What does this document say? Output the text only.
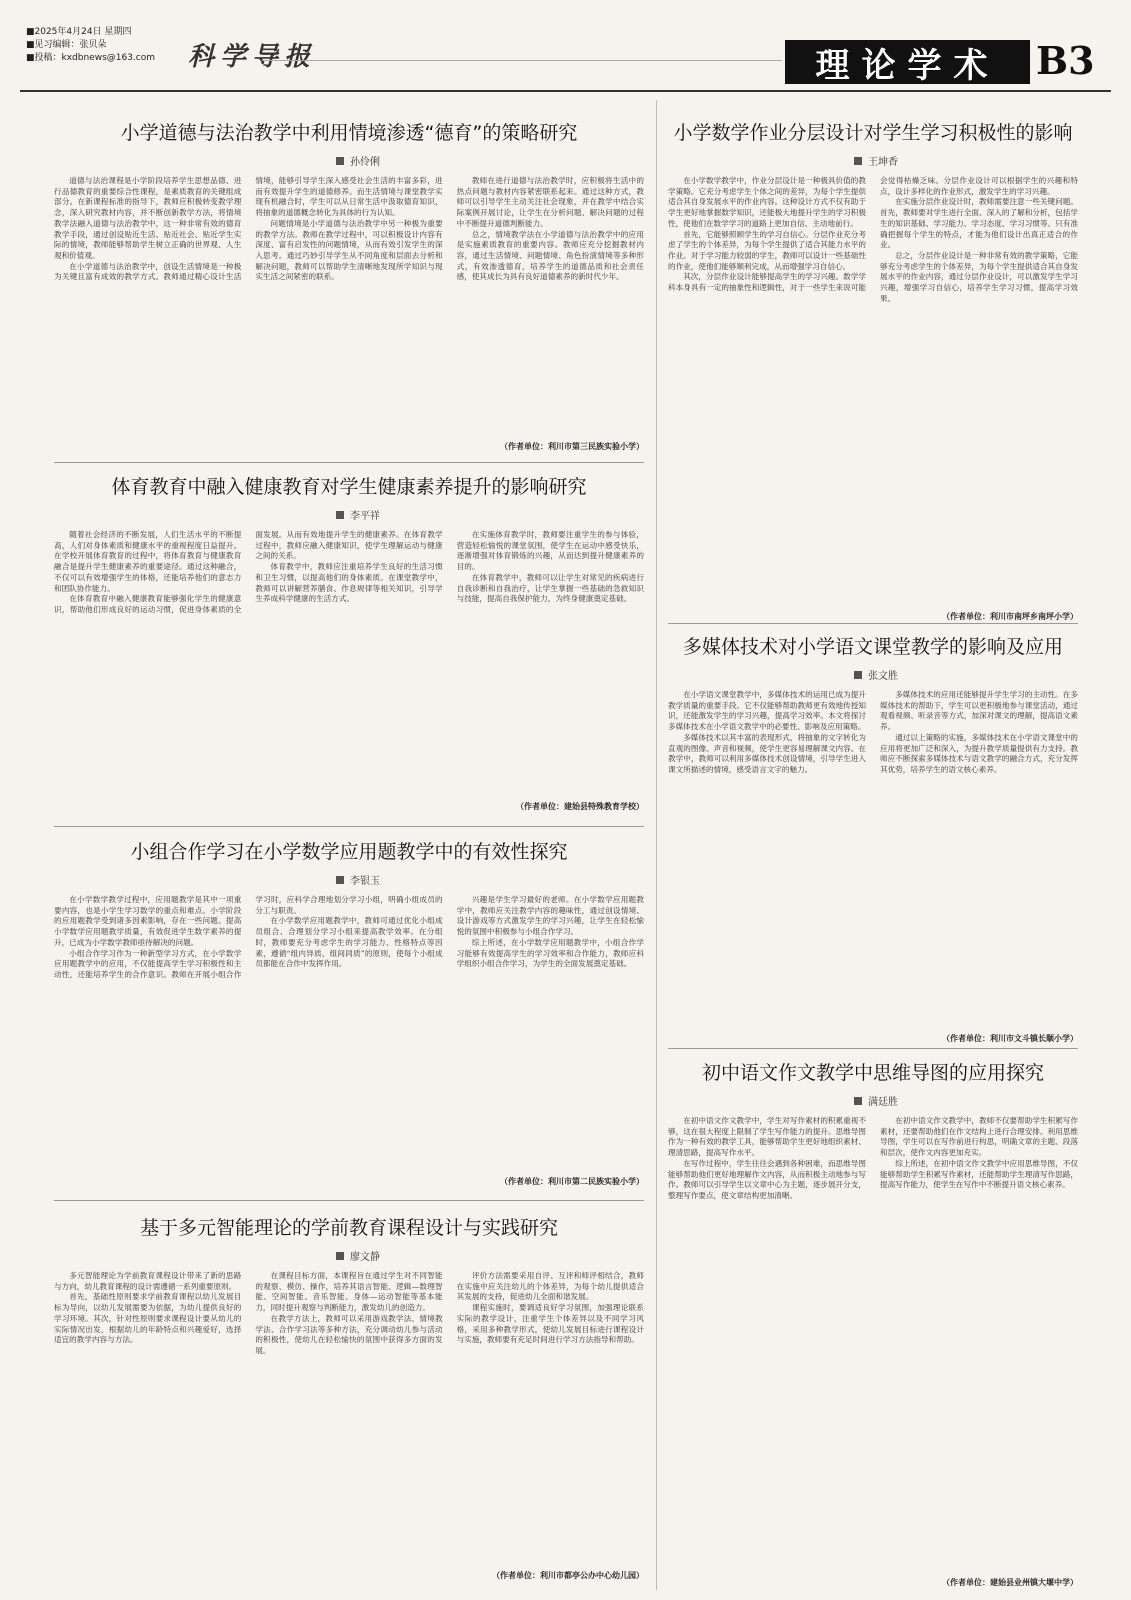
■2025年4月24日 星期四
■见习编辑：张贝朵
■投稿：kxdbnews@163.com 科学导报	理论学术 B3
小学道德与法治教学中利用情境渗透“德育”的策略研究
孙伶俐

道德与法治课程是小学阶段培养学生思想品德、进行品德教育的重要综合性课程，是素质教育的关键组成部分。在新课程标准的指导下，教师应积极转变教学理念，深入研究教材内容，并不断创新教学方法，将情境教学法融入道德与法治教学中，这一种非常有效的德育教学手段，通过创设贴近生活、贴近社会、贴近学生实际的情境，教师能够帮助学生树立正确的世界观、人生观和价值观。

在小学道德与法治教学中，创设生活情境是一种极为关键且富有成效的教学方式。教师通过精心设计生活情境，能够引导学生深入感受社会生活的丰富多彩，进而有效提升学生的道德修养。而生活情境与课堂教学实现有机融合时，学生可以从日常生活中汲取德育知识，将抽象的道德概念转化为具体的行为认知。

问题情境是小学道德与法治教学中另一种极为重要的教学方法。教师在教学过程中，可以积极设计内容有深度、富有启发性的问题情境，从而有效引发学生的深入思考。通过巧妙引导学生从不同角度和层面去分析和解决问题，教师可以帮助学生清晰地发现所学知识与现实生活之间紧密的联系。

教师在进行道德与法治教学时，应积极将生活中的热点问题与教材内容紧密联系起来。通过这种方式，教师可以引导学生主动关注社会现象，并在教学中结合实际案例开展讨论，让学生在分析问题、解决问题的过程中不断提升道德判断能力。

总之，情境教学法在小学道德与法治教学中的应用是实施素质教育的重要内容。教师应充分挖掘教材内容，通过生活情境、问题情境、角色扮演情境等多种形式，有效渗透德育，培养学生的道德品质和社会责任感，使其成长为具有良好道德素养的新时代少年。

（作者单位：利川市第三民族实验小学）
体育教育中融入健康教育对学生健康素养提升的影响研究
李平祥

随着社会经济的不断发展，人们生活水平的不断提高，人们对身体素质和健康水平的重视程度日益提升。在学校开展体育教育的过程中，将体育教育与健康教育融合是提升学生健康素养的重要途径。通过这种融合，不仅可以有效增强学生的体格，还能培养他们的意志力和团队协作能力。

在体育教育中融入健康教育能够强化学生的健康意识，帮助他们形成良好的运动习惯，促进身体素质的全面发展。从而有效地提升学生的健康素养。在体育教学过程中，教师应融入健康知识，使学生理解运动与健康之间的关系。

体育教学中，教师应注重培养学生良好的生活习惯和卫生习惯，以提高他们的身体素质。在课堂教学中，教师可以讲解营养膳食、作息规律等相关知识，引导学生养成科学健康的生活方式。

在实施体育教学时，教师要注重学生的参与体验，营造轻松愉悦的课堂氛围，使学生在运动中感受快乐，逐渐增强对体育锻炼的兴趣，从而达到提升健康素养的目的。

在体育教学中，教师可以让学生对常见的疾病进行自我诊断和自我治疗，让学生掌握一些基础的急救知识与技能，提高自我保护能力，为终身健康奠定基础。

（作者单位：建始县特殊教育学校）
小组合作学习在小学数学应用题教学中的有效性探究
李银玉

在小学数学教学过程中，应用题教学是其中一项重要内容，也是小学生学习数学的重点和难点。小学阶段的应用题教学受到诸多因素影响，存在一些问题。提高小学数学应用题教学质量，有效促进学生数学素养的提升，已成为小学数学教师亟待解决的问题。

小组合作学习作为一种新型学习方式，在小学数学应用题教学中的应用，不仅能提高学生学习积极性和主动性，还能培养学生的合作意识。教师在开展小组合作学习时，应科学合理地划分学习小组，明确小组成员的分工与职责。

在小学数学应用题教学中，教师可通过优化小组成员组合、合理划分学习小组来提高教学效率。在分组时，教师要充分考虑学生的学习能力、性格特点等因素，遵循“组内异质、组间同质”的原则，使每个小组成员都能在合作中发挥作用。

兴趣是学生学习最好的老师。在小学数学应用题教学中，教师应关注教学内容的趣味性，通过创设情境、设计游戏等方式激发学生的学习兴趣，让学生在轻松愉悦的氛围中积极参与小组合作学习。

综上所述，在小学数学应用题教学中，小组合作学习能够有效提高学生的学习效率和合作能力，教师应科学组织小组合作学习，为学生的全面发展奠定基础。

（作者单位：利川市第二民族实验小学）
基于多元智能理论的学前教育课程设计与实践研究
廖文静

多元智能理论为学前教育课程设计带来了新的思路与方向，幼儿教育课程的设计需遵循一系列重要原则。

首先，基础性原则要求学前教育课程以幼儿发展目标为导向，以幼儿发展需要为依据，为幼儿提供良好的学习环境。其次，针对性原则要求课程设计要从幼儿的实际情况出发，根据幼儿的年龄特点和兴趣爱好，选择适宜的教学内容与方法。

在课程目标方面，本课程旨在通过学生对不同智能的观察、模仿、操作，培养其语言智能、逻辑—数理智能、空间智能、音乐智能、身体—运动智能等基本能力，同时提升观察与判断能力，激发幼儿的创造力。

在教学方法上，教师可以采用游戏教学法、情境教学法、合作学习法等多种方法，充分调动幼儿参与活动的积极性，使幼儿在轻松愉快的氛围中获得多方面的发展。

评价方法需要采用自评、互评和师评相结合，教师在实施中应关注幼儿的个体差异，为每个幼儿提供适合其发展的支持，促进幼儿全面和谐发展。

课程实施时，要调适良好学习氛围，加强理论联系实际的教学设计，注重学生个体差异以及不同学习风格，采用多种教学形式，使幼儿发展目标进行课程设计与实施，教师要有充足时间进行学习方法指导和帮助。

（作者单位：利川市都亭公办中心幼儿园）
小学数学作业分层设计对学生学习积极性的影响
王坤香

在小学数学教学中，作业分层设计是一种极具价值的教学策略。它充分考虑学生个体之间的差异，为每个学生提供适合其自身发展水平的作业内容。这种设计方式不仅有助于学生更好地掌握数学知识，还能极大地提升学生的学习积极性，使他们在数学学习的道路上更加自信、主动地前行。

首先，它能够照顾学生的学习自信心。分层作业充分考虑了学生的个体差异，为每个学生提供了适合其能力水平的作业。对于学习能力较弱的学生，教师可以设计一些基础性的作业，使他们能够顺利完成，从而增强学习自信心。

其次，分层作业设计能够提高学生的学习兴趣。数学学科本身具有一定的抽象性和逻辑性，对于一些学生来说可能会觉得枯燥乏味。分层作业设计可以根据学生的兴趣和特点，设计多样化的作业形式，激发学生的学习兴趣。

在实施分层作业设计时，教师需要注意一些关键问题。首先，教师要对学生进行全面、深入的了解和分析，包括学生的知识基础、学习能力、学习态度、学习习惯等。只有准确把握每个学生的特点，才能为他们设计出真正适合的作业。

总之，分层作业设计是一种非常有效的教学策略，它能够充分考虑学生的个体差异，为每个学生提供适合其自身发展水平的作业内容，通过分层作业设计，可以激发学生学习兴趣，增强学习自信心，培养学生学习习惯，提高学习效果。

（作者单位：利川市南坪乡南坪小学）
多媒体技术对小学语文课堂教学的影响及应用
张文胜

在小学语文课堂教学中，多媒体技术的运用已成为提升教学质量的重要手段。它不仅能够帮助教师更有效地传授知识，还能激发学生的学习兴趣，提高学习效率。本文将探讨多媒体技术在小学语文教学中的必要性、影响及应用策略。

多媒体技术以其丰富的表现形式，将抽象的文字转化为直观的图像、声音和视频，使学生更容易理解课文内容。在教学中，教师可以利用多媒体技术创设情境，引导学生进入课文所描述的情境，感受语言文字的魅力。

多媒体技术的应用还能够提升学生学习的主动性。在多媒体技术的帮助下，学生可以更积极地参与课堂活动，通过观看视频、听录音等方式，加深对课文的理解，提高语文素养。

通过以上策略的实施，多媒体技术在小学语文课堂中的应用将更加广泛和深入，为提升教学质量提供有力支持。教师应不断探索多媒体技术与语文教学的融合方式，充分发挥其优势，培养学生的语文核心素养。

（作者单位：利川市文斗镇长顺小学）
初中语文作文教学中思维导图的应用探究
满廷胜

在初中语文作文教学中，学生对写作素材的积累重视不够，这在很大程度上限制了学生写作能力的提升。思维导图作为一种有效的教学工具，能够帮助学生更好地组织素材、理清思路，提高写作水平。

在写作过程中，学生往往会遇到各种困难，而思维导图能够帮助他们更好地理解作文内容，从而积极主动地参与写作。教师可以引导学生以文章中心为主题，逐步展开分支，整理写作要点，使文章结构更加清晰。

在初中语文作文教学中，教师不仅要帮助学生积累写作素材，还要帮助他们在作文结构上进行合理安排。利用思维导图，学生可以在写作前进行构思，明确文章的主题、段落和层次，使作文内容更加充实。

综上所述，在初中语文作文教学中应用思维导图，不仅能够帮助学生积累写作素材，还能帮助学生理清写作思路，提高写作能力，使学生在写作中不断提升语文核心素养。

（作者单位：建始县业州镇大堰中学）
